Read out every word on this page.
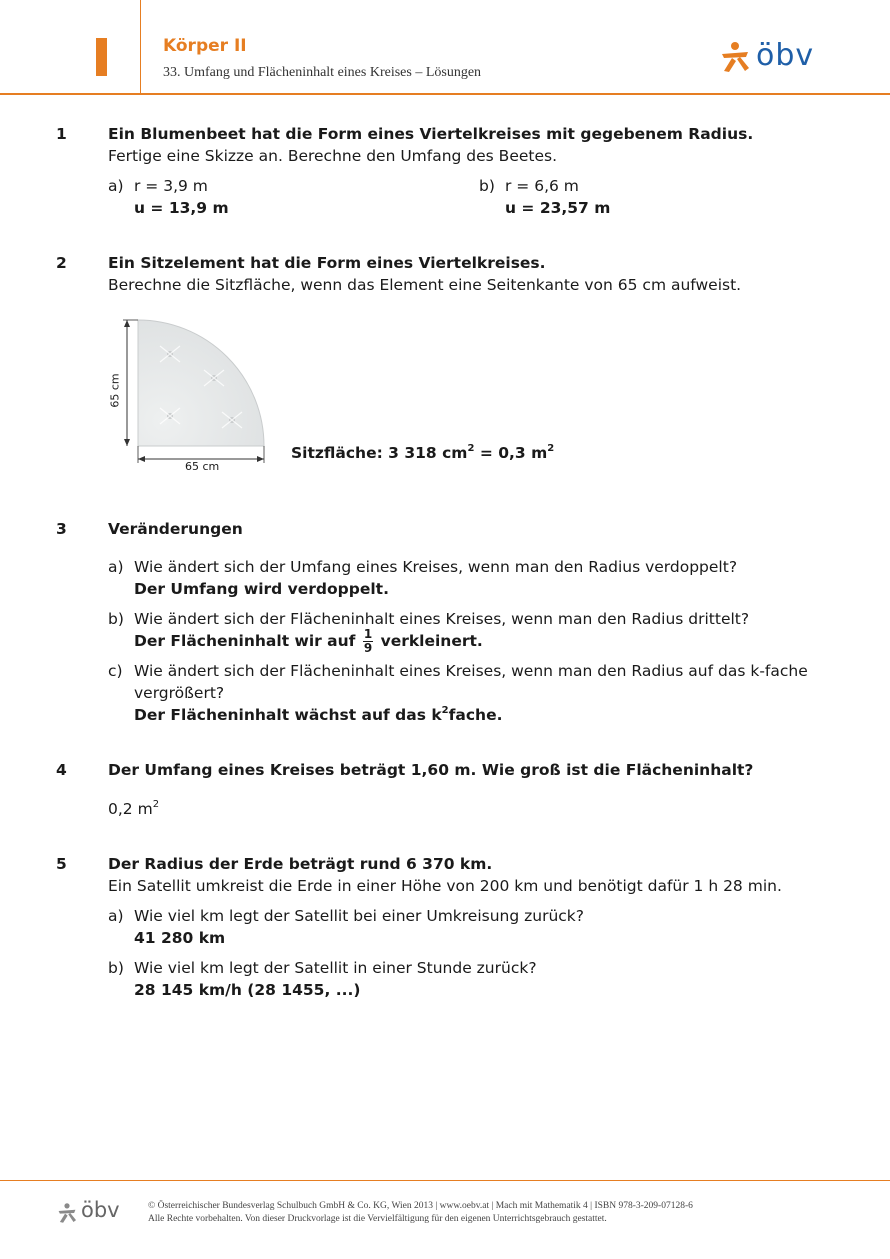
Körper II
33. Umfang und Flächeninhalt eines Kreises – Lösungen	öbv
1	Ein Blumenbeet hat die Form eines Viertelkreises mit gegebenem Radius.
Fertige eine Skizze an. Berechne den Umfang des Beetes.
a) r = 3,9 m
u = 13,9 m
b) r = 6,6 m
u = 23,57 m
2	Ein Sitzelement hat die Form eines Viertelkreises.
Berechne die Sitzfläche, wenn das Element eine Seitenkante von 65 cm aufweist.
65 cm
65 cm
Sitzfläche: 3 318 $cm^2 = 0,3$ $m^2$
3	Veränderungen
a) Wie ändert sich der Umfang eines Kreises, wenn man den Radius verdoppelt?
Der Umfang wird verdoppelt.
b) Wie ändert sich der Flächeninhalt eines Kreises, wenn man den Radius drittelt?
Der Flächeninhalt wir auf $\frac{1}{9}$ verkleinert.
c) Wie ändert sich der Flächeninhalt eines Kreises, wenn man den Radius auf das k-fache
vergrößert?
Der Flächeninhalt wächst auf das $k^2fache$.
4	Der Umfang eines Kreises beträgt 1,60 m. Wie groß ist die Flächeninhalt?
0,2 $m^2$
5	Der Radius der Erde beträgt rund 6 370 km.
Ein Satellit umkreist die Erde in einer Höhe von 200 km und benötigt dafür 1 h 28 min.
a) Wie viel km legt der Satellit bei einer Umkreisung zurück?
41 280 km
b) Wie viel km legt der Satellit in einer Stunde zurück?
28 145 km/h (28 1455, ...)
öbv	© Österreichischer Bundesverlag Schulbuch GmbH & Co. KG, Wien 2013 | www.oebv.at | Mach mit Mathematik 4 | ISBN 978-3-209-07128-6
Alle Rechte vorbehalten. Von dieser Druckvorlage ist die Vervielfältigung für den eigenen Unterrichtsgebrauch gestattet.
